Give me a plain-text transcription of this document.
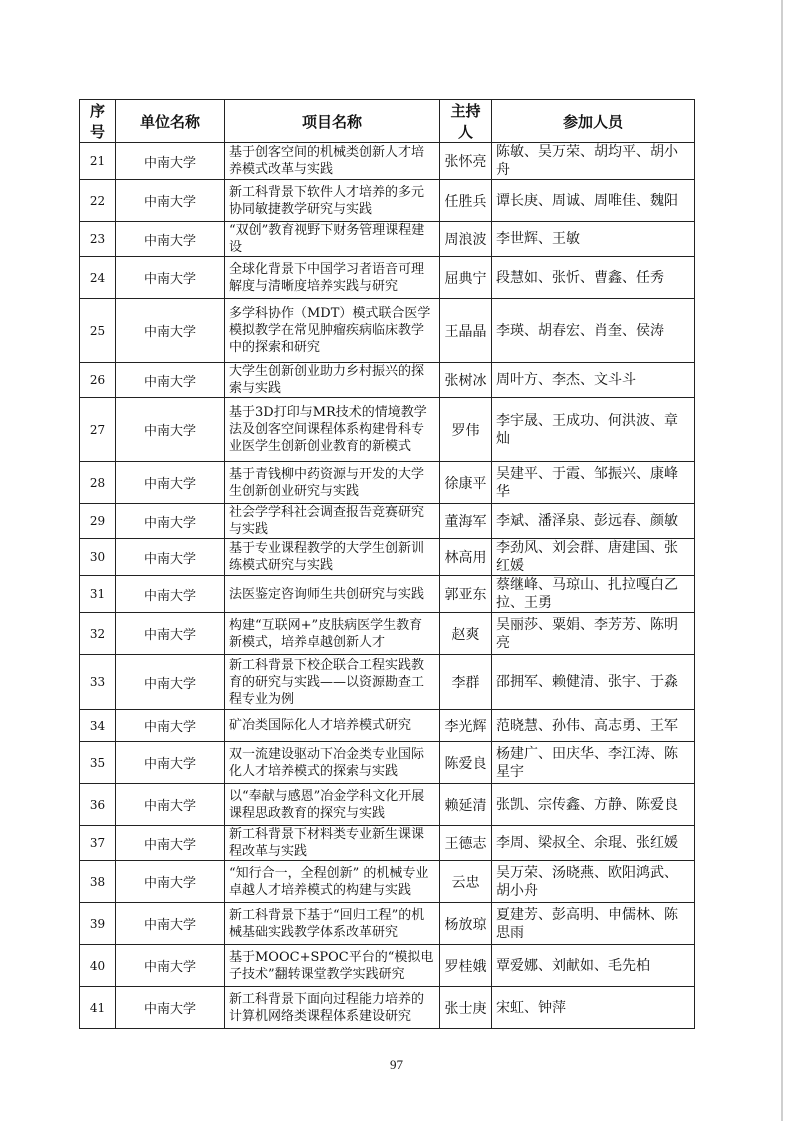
序号	单位名称	项目名称	主持人	参加人员
21	中南大学	基于创客空间的机械类创新人才培养模式改革与实践	张怀亮	陈敏、吴万荣、胡均平、胡小舟
22	中南大学	新工科背景下软件人才培养的多元协同敏捷教学研究与实践	任胜兵	谭长庚、周诚、周唯佳、魏阳
23	中南大学	“双创”教育视野下财务管理课程建设	周浪波	李世辉、王敏
24	中南大学	全球化背景下中国学习者语音可理解度与清晰度培养实践与研究	屈典宁	段慧如、张忻、曹鑫、任秀
25	中南大学	多学科协作（MDT）模式联合医学模拟教学在常见肿瘤疾病临床教学中的探索和研究	王晶晶	李瑛、胡春宏、肖奎、侯涛
26	中南大学	大学生创新创业助力乡村振兴的探索与实践	张树冰	周叶方、李杰、文斗斗
27	中南大学	基于3D打印与MR技术的情境教学法及创客空间课程体系构建骨科专业医学生创新创业教育的新模式	罗伟	李宇晟、王成功、何洪波、章灿
28	中南大学	基于青钱柳中药资源与开发的大学生创新创业研究与实践	徐康平	吴建平、于霞、邹振兴、康峰华
29	中南大学	社会学学科社会调查报告竞赛研究与实践	董海军	李斌、潘泽泉、彭远春、颜敏
30	中南大学	基于专业课程教学的大学生创新训练模式研究与实践	林高用	李劲风、刘会群、唐建国、张红媛
31	中南大学	法医鉴定咨询师生共创研究与实践	郭亚东	蔡继峰、马琼山、扎拉嘎白乙拉、王勇
32	中南大学	构建“互联网+”皮肤病医学生教育新模式，培养卓越创新人才	赵爽	吴丽莎、粟娟、李芳芳、陈明亮
33	中南大学	新工科背景下校企联合工程实践教育的研究与实践——以资源勘查工程专业为例	李群	邵拥军、赖健清、张宇、于淼
34	中南大学	矿冶类国际化人才培养模式研究	李光辉	范晓慧、孙伟、高志勇、王军
35	中南大学	双一流建设驱动下冶金类专业国际化人才培养模式的探索与实践	陈爱良	杨建广、田庆华、李江涛、陈星宇
36	中南大学	以“奉献与感恩”冶金学科文化开展课程思政教育的探究与实践	赖延清	张凯、宗传鑫、方静、陈爱良
37	中南大学	新工科背景下材料类专业新生课课程改革与实践	王德志	李周、梁叔全、余琨、张红媛
38	中南大学	“知行合一，全程创新” 的机械专业卓越人才培养模式的构建与实践	云忠	吴万荣、汤晓燕、欧阳鸿武、胡小舟
39	中南大学	新工科背景下基于“回归工程”的机械基础实践教学体系改革研究	杨放琼	夏建芳、彭高明、申儒林、陈思雨
40	中南大学	基于MOOC+SPOC平台的“模拟电子技术”翻转课堂教学实践研究	罗桂娥	覃爱娜、刘献如、毛先柏
41	中南大学	新工科背景下面向过程能力培养的计算机网络类课程体系建设研究	张士庚	宋虹、钟萍
97
